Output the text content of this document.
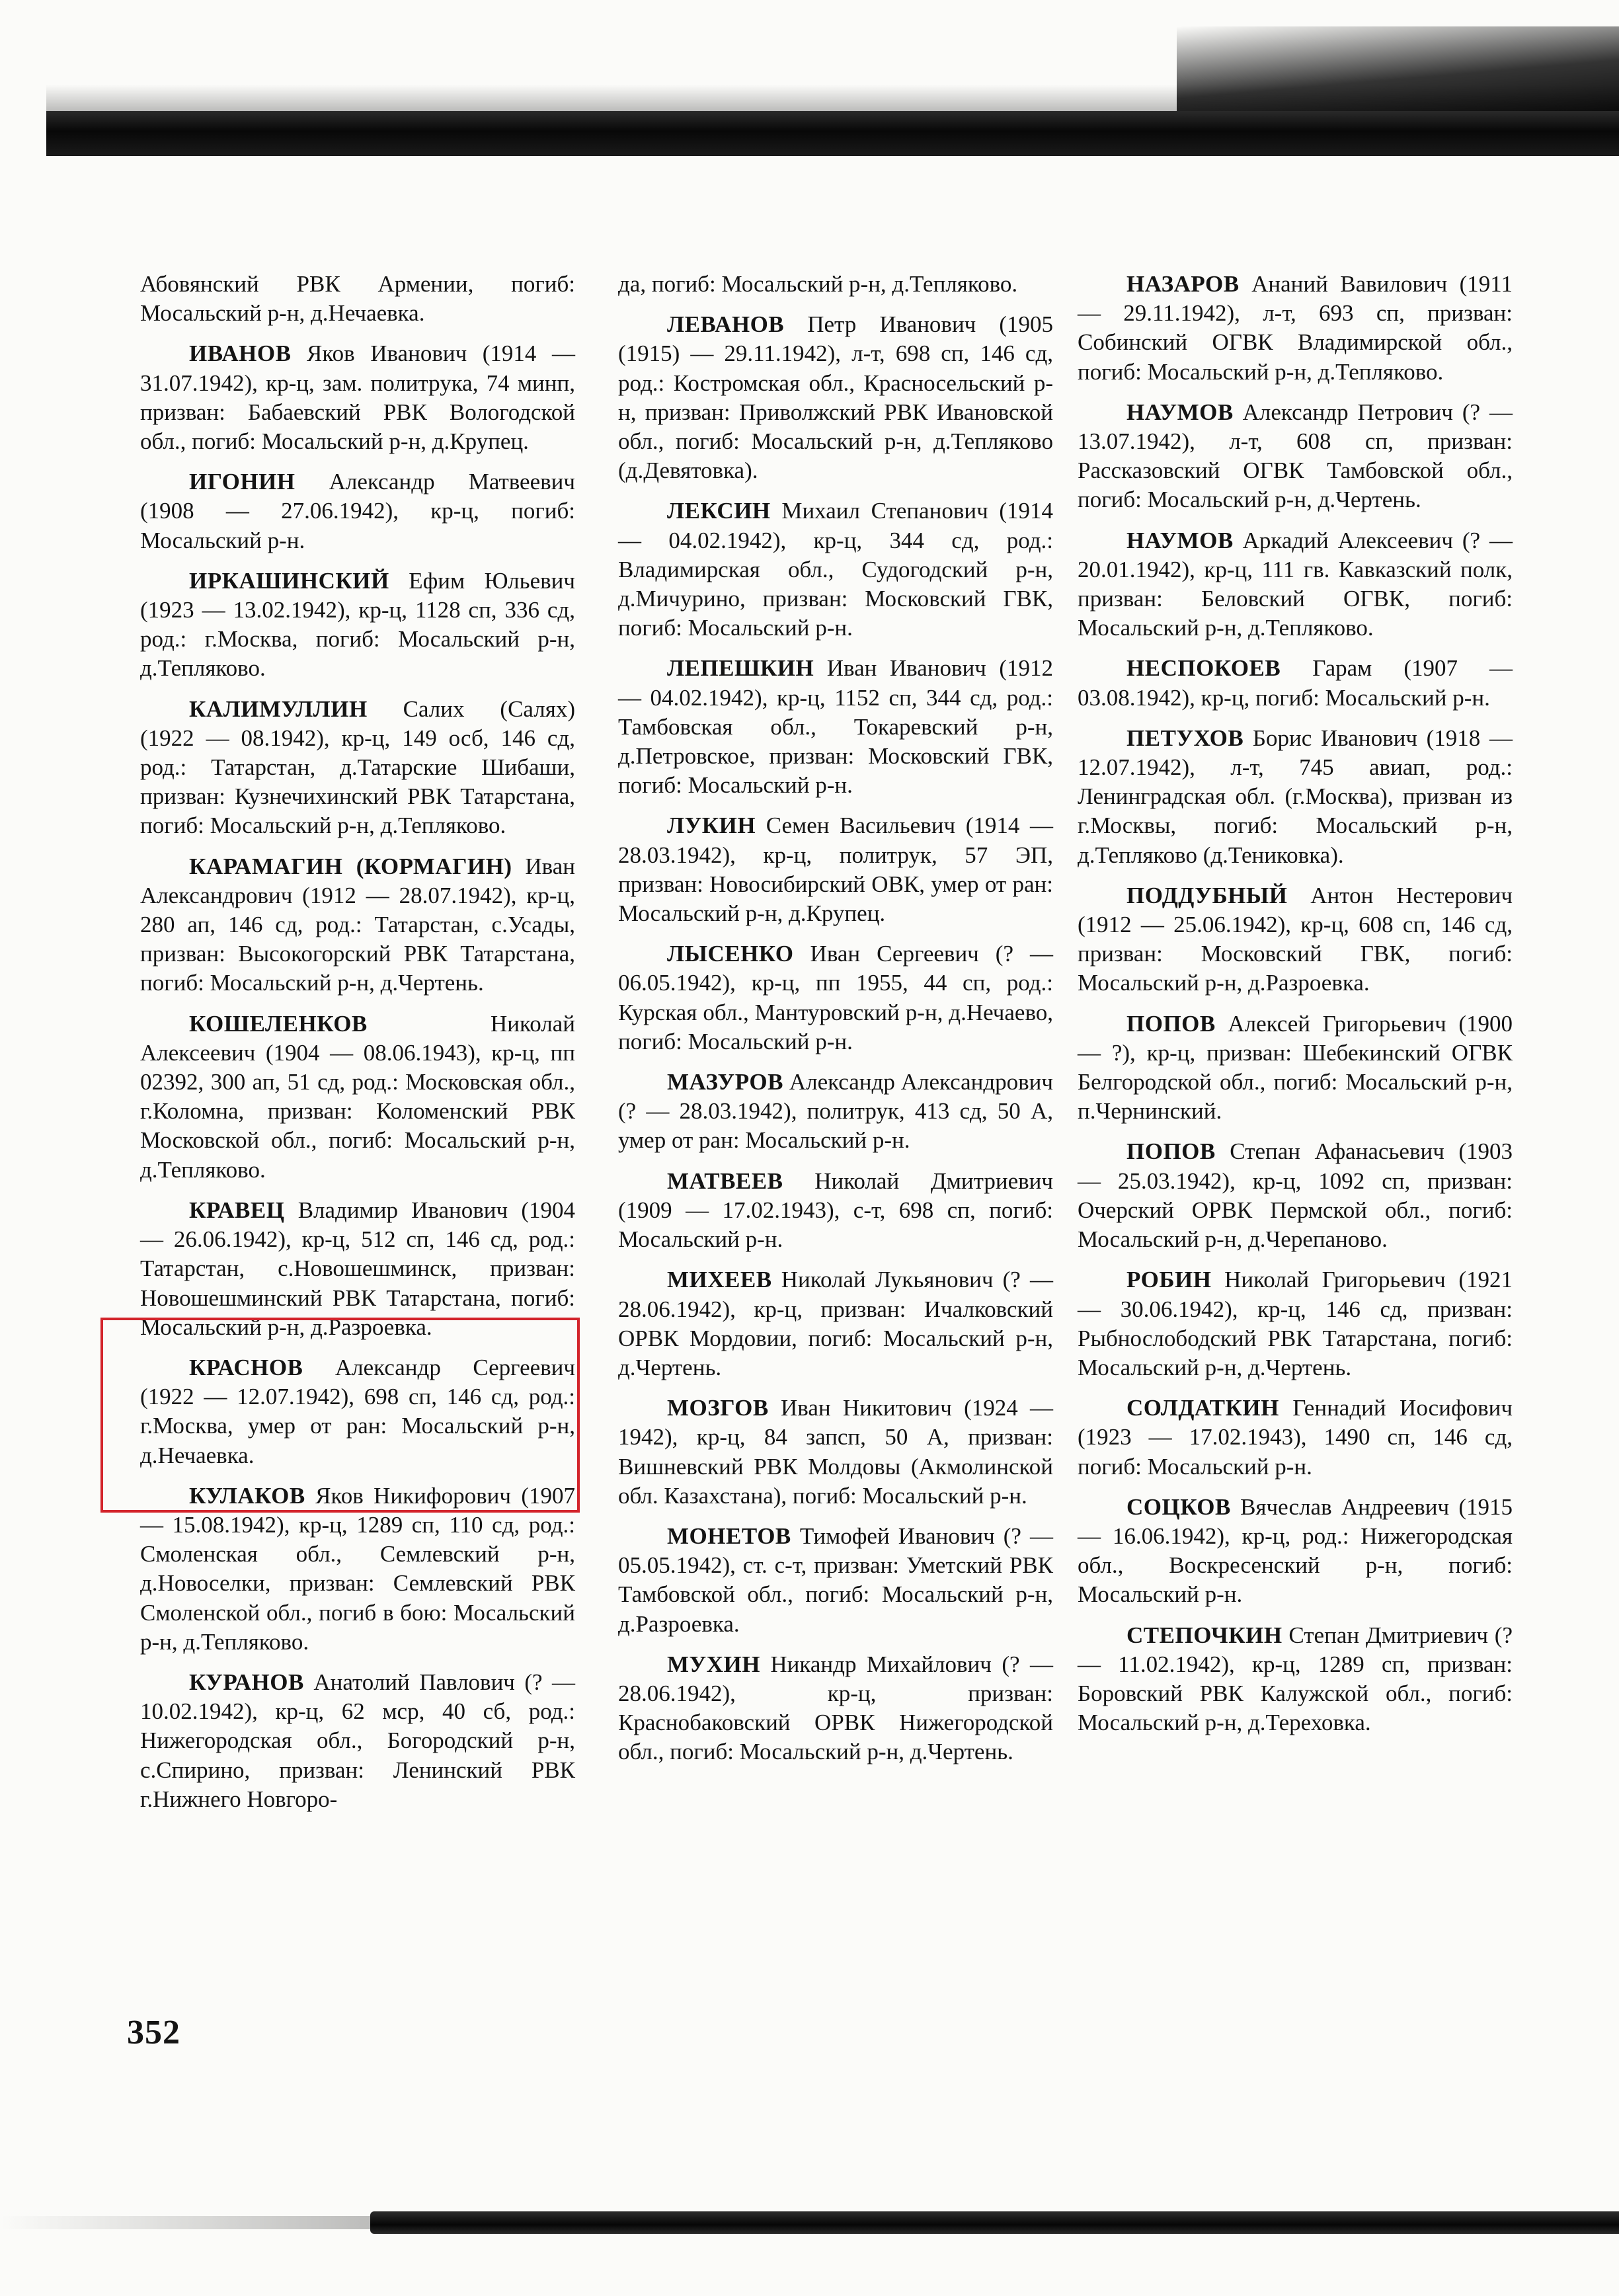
Абовянский РВК Армении, погиб: Мосальский р-н, д.Нечаевка.
ИВАНОВ Яков Иванович (1914 — 31.07.1942), кр-ц, зам. политрука, 74 минп, призван: Бабаевский РВК Вологодской обл., погиб: Мосальский р-н, д.Крупец.
ИГОНИН Александр Матвеевич (1908 — 27.06.1942), кр-ц, погиб: Мосальский р-н.
ИРКАШИНСКИЙ Ефим Юльевич (1923 — 13.02.1942), кр-ц, 1128 сп, 336 сд, род.: г.Москва, погиб: Мосальский р-н, д.Тепляково.
КАЛИМУЛЛИН Салих (Салях) (1922 — 08.1942), кр-ц, 149 осб, 146 сд, род.: Татарстан, д.Татарские Шибаши, призван: Кузнечихинский РВК Татарстана, погиб: Мосальский р-н, д.Тепляково.
КАРАМАГИН (КОРМАГИН) Иван Александрович (1912 — 28.07.1942), кр-ц, 280 ап, 146 сд, род.: Татарстан, с.Усады, призван: Высокогорский РВК Татарстана, погиб: Мосальский р-н, д.Чертень.
КОШЕЛЕНКОВ	Николай Алексеевич (1904 — 08.06.1943), кр-ц, пп 02392, 300 ап, 51 сд, род.: Московская обл., г.Коломна, призван: Коломенский РВК Московской обл., погиб: Мосальский р-н, д.Тепляково.
КРАВЕЦ Владимир Иванович (1904 — 26.06.1942), кр-ц, 512 сп, 146 сд, род.: Татарстан, с.Новошешминск, призван: Новошешминский РВК Татарстана, погиб: Мосальский р-н, д.Разроевка.
КРАСНОВ Александр Сергеевич (1922 — 12.07.1942), 698 сп, 146 сд, род.: г.Москва, умер от ран: Мосальский р-н, д.Нечаевка.
КУЛАКОВ Яков Никифорович (1907 — 15.08.1942), кр-ц, 1289 сп, 110 сд, род.: Смоленская обл., Семлевский р-н, д.Новоселки, призван: Семлевский РВК Смоленской обл., погиб в бою: Мосальский р-н, д.Тепляково.
КУРАНОВ Анатолий Павлович (? — 10.02.1942), кр-ц, 62 мср, 40 сб, род.: Нижегородская обл., Богородский р-н, с.Спирино, призван: Ленинский РВК г.Нижнего Новгоро-
да, погиб: Мосальский р-н, д.Тепляково.
ЛЕВАНОВ Петр Иванович (1905 (1915) — 29.11.1942), л-т, 698 сп, 146 сд, род.: Костромская обл., Красносельский р-н, призван: Приволжский РВК Ивановской обл., погиб: Мосальский р-н, д.Тепляково (д.Девятовка).
ЛЕКСИН Михаил Степанович (1914 — 04.02.1942), кр-ц, 344 сд, род.: Владимирская обл., Судогодский р-н, д.Мичурино, призван: Московский ГВК, погиб: Мосальский р-н.
ЛЕПЕШКИН Иван Иванович (1912 — 04.02.1942), кр-ц, 1152 сп, 344 сд, род.: Тамбовская обл., Токаревский р-н, д.Петровское, призван: Московский ГВК, погиб: Мосальский р-н.
ЛУКИН Семен Васильевич (1914 — 28.03.1942), кр-ц, политрук, 57 ЭП, призван: Новосибирский ОВК, умер от ран: Мосальский р-н, д.Крупец.
ЛЫСЕНКО Иван Сергеевич (? — 06.05.1942), кр-ц, пп 1955, 44 сп, род.: Курская обл., Мантуровский р-н, д.Нечаево, погиб: Мосальский р-н.
МАЗУРОВ Александр Александрович (? — 28.03.1942), политрук, 413 сд, 50 А, умер от ран: Мосальский р-н.
МАТВЕЕВ Николай Дмитриевич (1909 — 17.02.1943), с-т, 698 сп, погиб: Мосальский р-н.
МИХЕЕВ Николай Лукьянович (? — 28.06.1942), кр-ц, призван: Ичалковский ОРВК Мордовии, погиб: Мосальский р-н, д.Чертень.
МОЗГОВ Иван Никитович (1924 — 1942), кр-ц, 84 запсп, 50 А, призван: Вишневский РВК Молдовы (Акмолинской обл. Казахстана), погиб: Мосальский р-н.
МОНЕТОВ Тимофей Иванович (? — 05.05.1942), ст. с-т, призван: Уметский РВК Тамбовской обл., погиб: Мосальский р-н, д.Разроевка.
МУХИН Никандр Михайлович (? — 28.06.1942), кр-ц, призван: Краснобаковский ОРВК Нижегородской обл., погиб: Мосальский р-н, д.Чертень.
НАЗАРОВ Ананий Вавилович (1911 — 29.11.1942), л-т, 693 сп, призван: Собинский ОГВК Владимирской обл., погиб: Мосальский р-н, д.Тепляково.
НАУМОВ Александр Петрович (? — 13.07.1942), л-т, 608 сп, призван: Рассказовский ОГВК Тамбовской обл., погиб: Мосальский р-н, д.Чертень.
НАУМОВ Аркадий Алексеевич (? — 20.01.1942), кр-ц, 111 гв. Кавказский полк, призван: Беловский ОГВК, погиб: Мосальский р-н, д.Тепляково.
НЕСПОКОЕВ Гарам (1907 — 03.08.1942), кр-ц, погиб: Мосальский р-н.
ПЕТУХОВ Борис Иванович (1918 — 12.07.1942), л-т, 745 авиап, род.: Ленинградская обл. (г.Москва), призван из г.Москвы, погиб: Мосальский р-н, д.Тепляково (д.Тениковка).
ПОДДУБНЫЙ Антон Нестерович (1912 — 25.06.1942), кр-ц, 608 сп, 146 сд, призван: Московский ГВК, погиб: Мосальский р-н, д.Разроевка.
ПОПОВ Алексей Григорьевич (1900 — ?), кр-ц, призван: Шебекинский ОГВК Белгородской обл., погиб: Мосальский р-н, п.Чернинский.
ПОПОВ Степан Афанасьевич (1903 — 25.03.1942), кр-ц, 1092 сп, призван: Очерский ОРВК Пермской обл., погиб: Мосальский р-н, д.Черепаново.
РОБИН Николай Григорьевич (1921 — 30.06.1942), кр-ц, 146 сд, призван: Рыбнослободский РВК Татарстана, погиб: Мосальский р-н, д.Чертень.
СОЛДАТКИН Геннадий Иосифович (1923 — 17.02.1943), 1490 сп, 146 сд, погиб: Мосальский р-н.
СОЦКОВ Вячеслав Андреевич (1915 — 16.06.1942), кр-ц, род.: Нижегородская обл., Воскресенский р-н, погиб: Мосальский р-н.
СТЕПОЧКИН Степан Дмитриевич (? — 11.02.1942), кр-ц, 1289 сп, призван: Боровский РВК Калужской обл., погиб: Мосальский р-н, д.Тереховка.
352
